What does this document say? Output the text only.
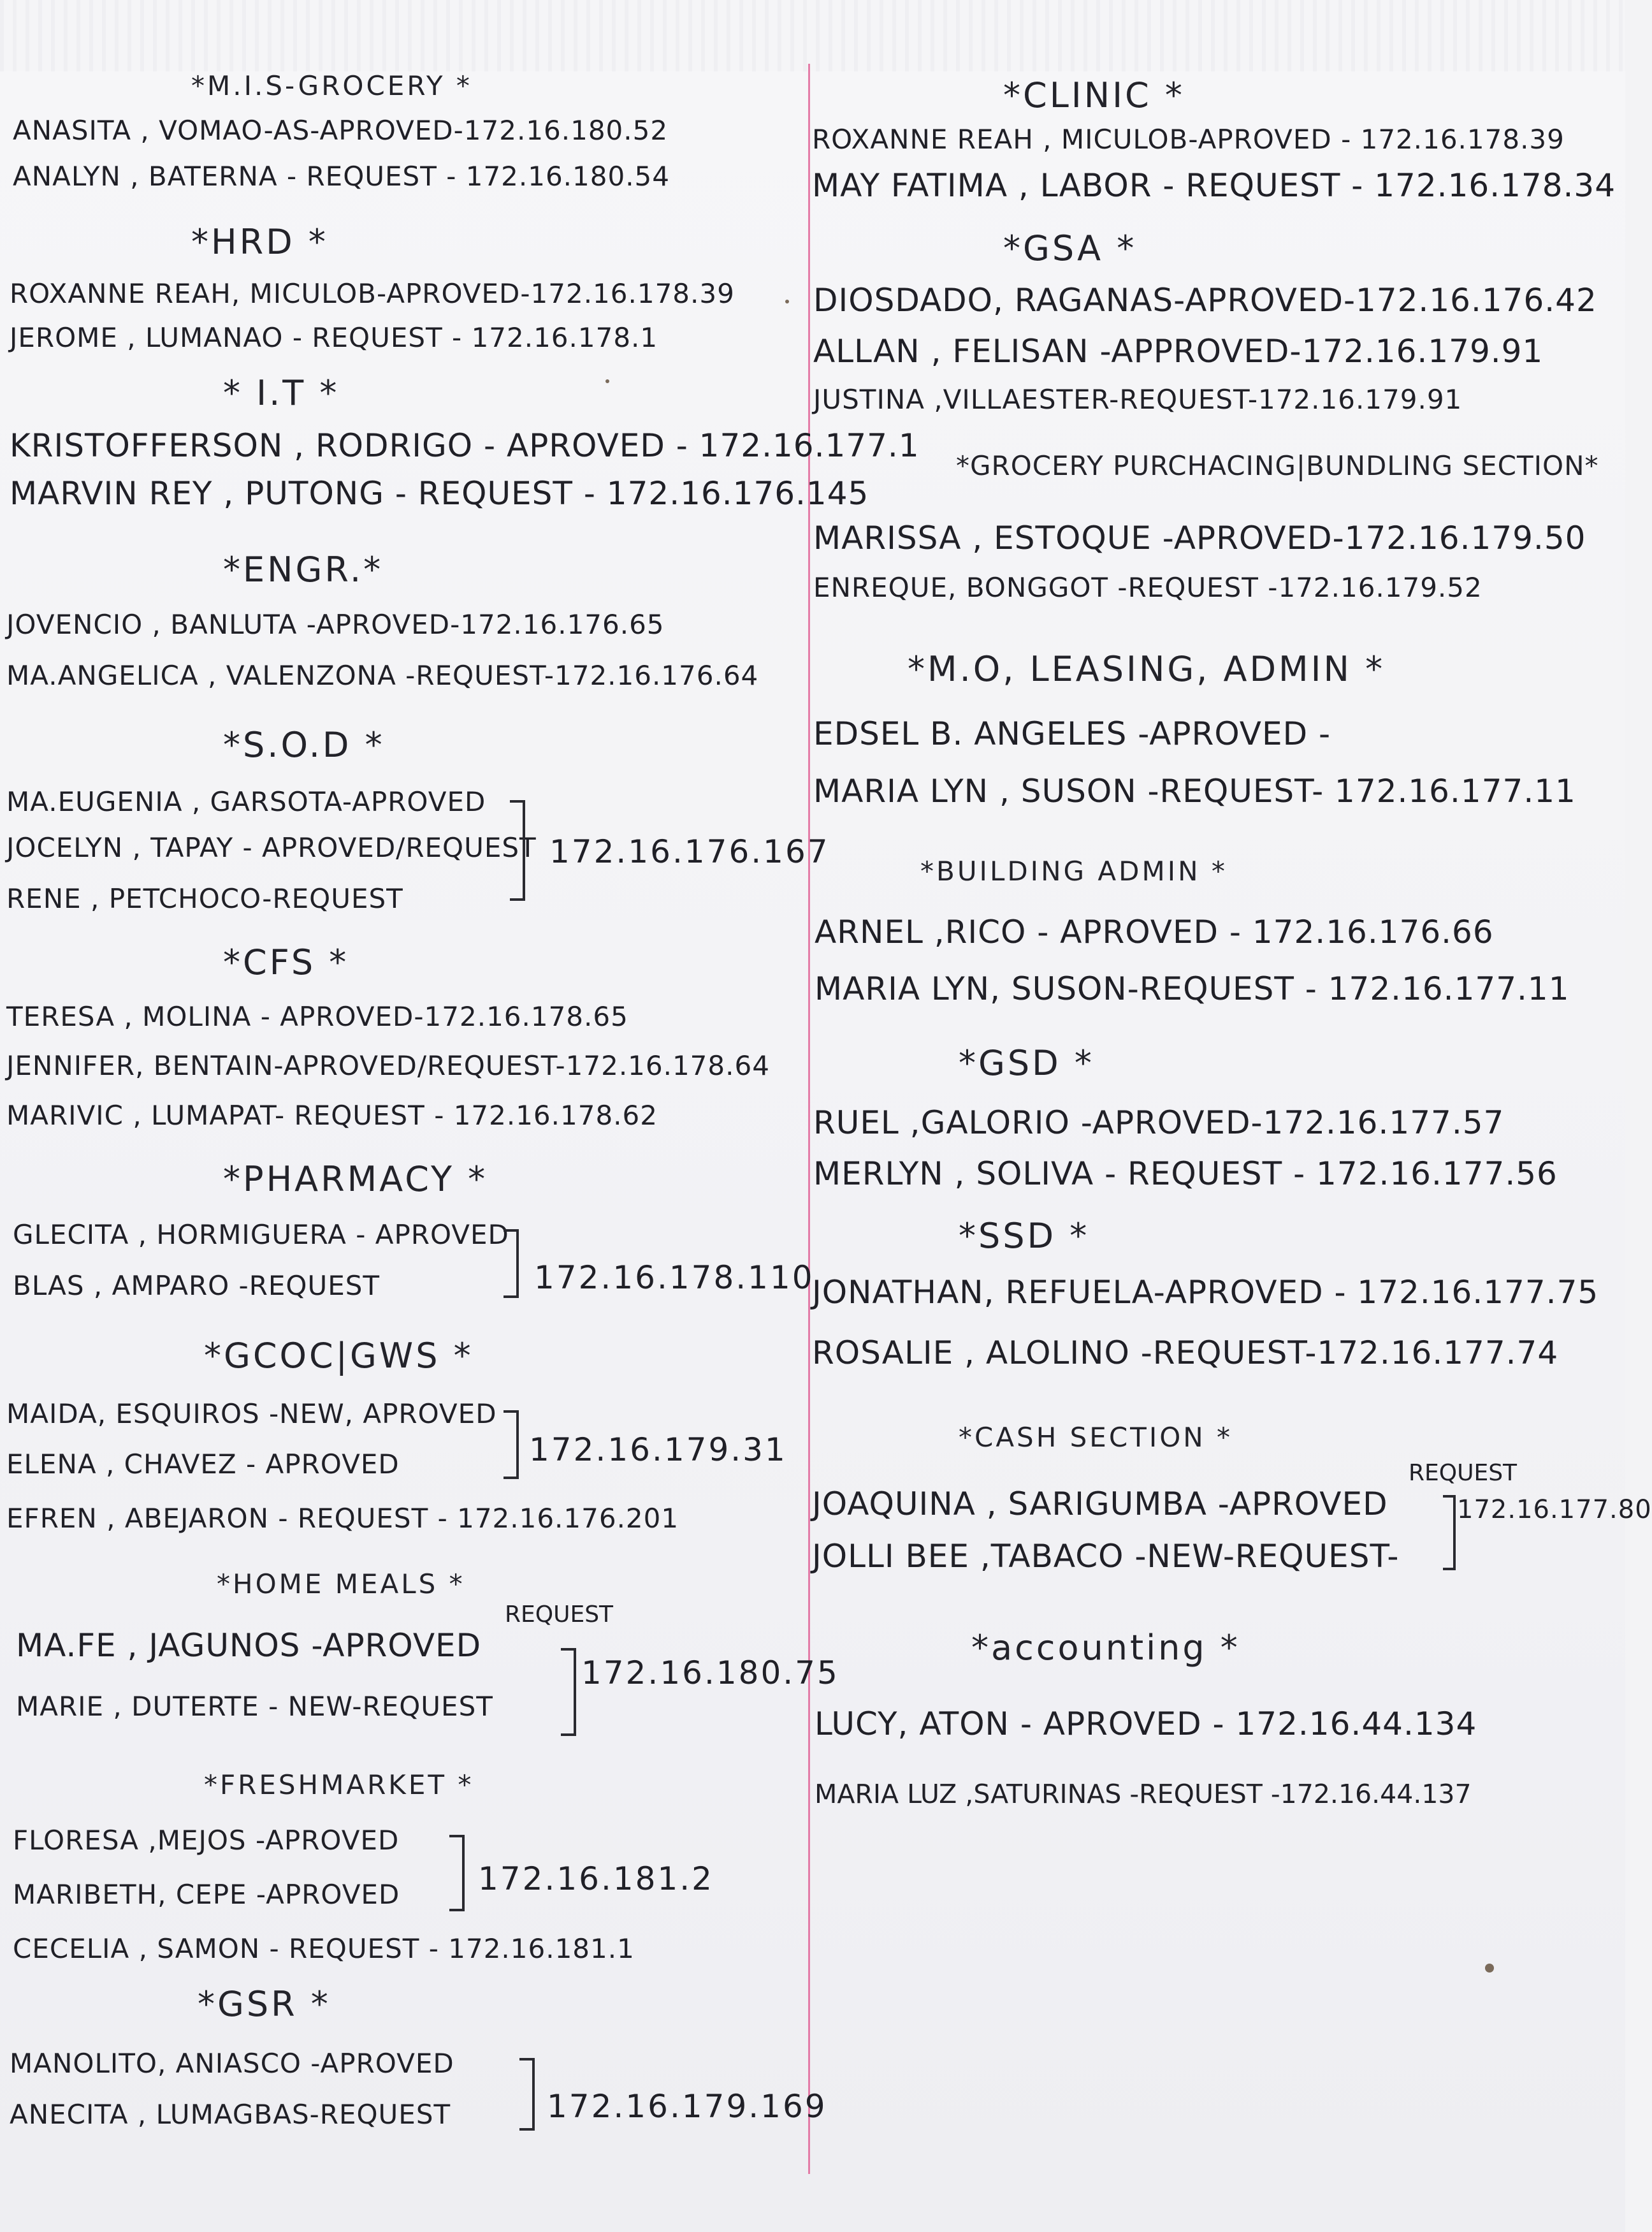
*M.I.S-GROCERY *
ANASITA , VOMAO-AS-APROVED-172.16.180.52
ANALYN , BATERNA - REQUEST - 172.16.180.54
*HRD *
ROXANNE REAH, MICULOB-APROVED-172.16.178.39
JEROME , LUMANAO - REQUEST - 172.16.178.1
* I.T *
KRISTOFFERSON , RODRIGO - APROVED - 172.16.177.1
MARVIN REY , PUTONG - REQUEST - 172.16.176.145
*ENGR.*
JOVENCIO , BANLUTA -APROVED-172.16.176.65
MA.ANGELICA , VALENZONA -REQUEST-172.16.176.64
*S.O.D *
MA.EUGENIA , GARSOTA-APROVED
JOCELYN , TAPAY - APROVED/REQUEST
RENE , PETCHOCO-REQUEST
172.16.176.167
*CFS *
TERESA , MOLINA - APROVED-172.16.178.65
JENNIFER, BENTAIN-APROVED/REQUEST-172.16.178.64
MARIVIC , LUMAPAT- REQUEST - 172.16.178.62
*PHARMACY *
GLECITA , HORMIGUERA - APROVED
BLAS , AMPARO -REQUEST	172.16.178.110
*GCOC|GWS *
MAIDA, ESQUIROS -NEW, APROVED
ELENA , CHAVEZ - APROVED
EFREN , ABEJARON - REQUEST - 172.16.176.201
172.16.179.31
*HOME MEALS *
MA.FE , JAGUNOS -APROVED
REQUEST
MARIE , DUTERTE - NEW-REQUEST
172.16.180.75
*FRESHMARKET *
FLORESA ,MEJOS -APROVED
MARIBETH, CEPE -APROVED
CECELIA , SAMON - REQUEST - 172.16.181.1
172.16.181.2
*GSR *
MANOLITO, ANIASCO -APROVED
ANECITA , LUMAGBAS-REQUEST	172.16.179.169
*CLINIC *
ROXANNE REAH , MICULOB-APROVED - 172.16.178.39
MAY FATIMA , LABOR - REQUEST - 172.16.178.34
*GSA *
DIOSDADO, RAGANAS-APROVED-172.16.176.42
ALLAN , FELISAN -APPROVED-172.16.179.91
JUSTINA ,VILLAESTER-REQUEST-172.16.179.91
*GROCERY PURCHACING|BUNDLING SECTION*
MARISSA , ESTOQUE -APROVED-172.16.179.50
ENREQUE, BONGGOT -REQUEST -172.16.179.52
*M.O, LEASING, ADMIN *
EDSEL B. ANGELES -APROVED -
MARIA LYN , SUSON -REQUEST- 172.16.177.11
*BUILDING ADMIN *
ARNEL ,RICO - APROVED - 172.16.176.66
MARIA LYN, SUSON-REQUEST - 172.16.177.11
*GSD *
RUEL ,GALORIO -APROVED-172.16.177.57
MERLYN , SOLIVA - REQUEST - 172.16.177.56
*SSD *
JONATHAN, REFUELA-APROVED - 172.16.177.75
ROSALIE , ALOLINO -REQUEST-172.16.177.74
*CASH SECTION *
JOAQUINA , SARIGUMBA -APROVED
REQUEST
JOLLI BEE ,TABACO -NEW-REQUEST-
172.16.177.80
*accounting *
LUCY, ATON - APROVED - 172.16.44.134
MARIA LUZ ,SATURINAS -REQUEST -172.16.44.137
